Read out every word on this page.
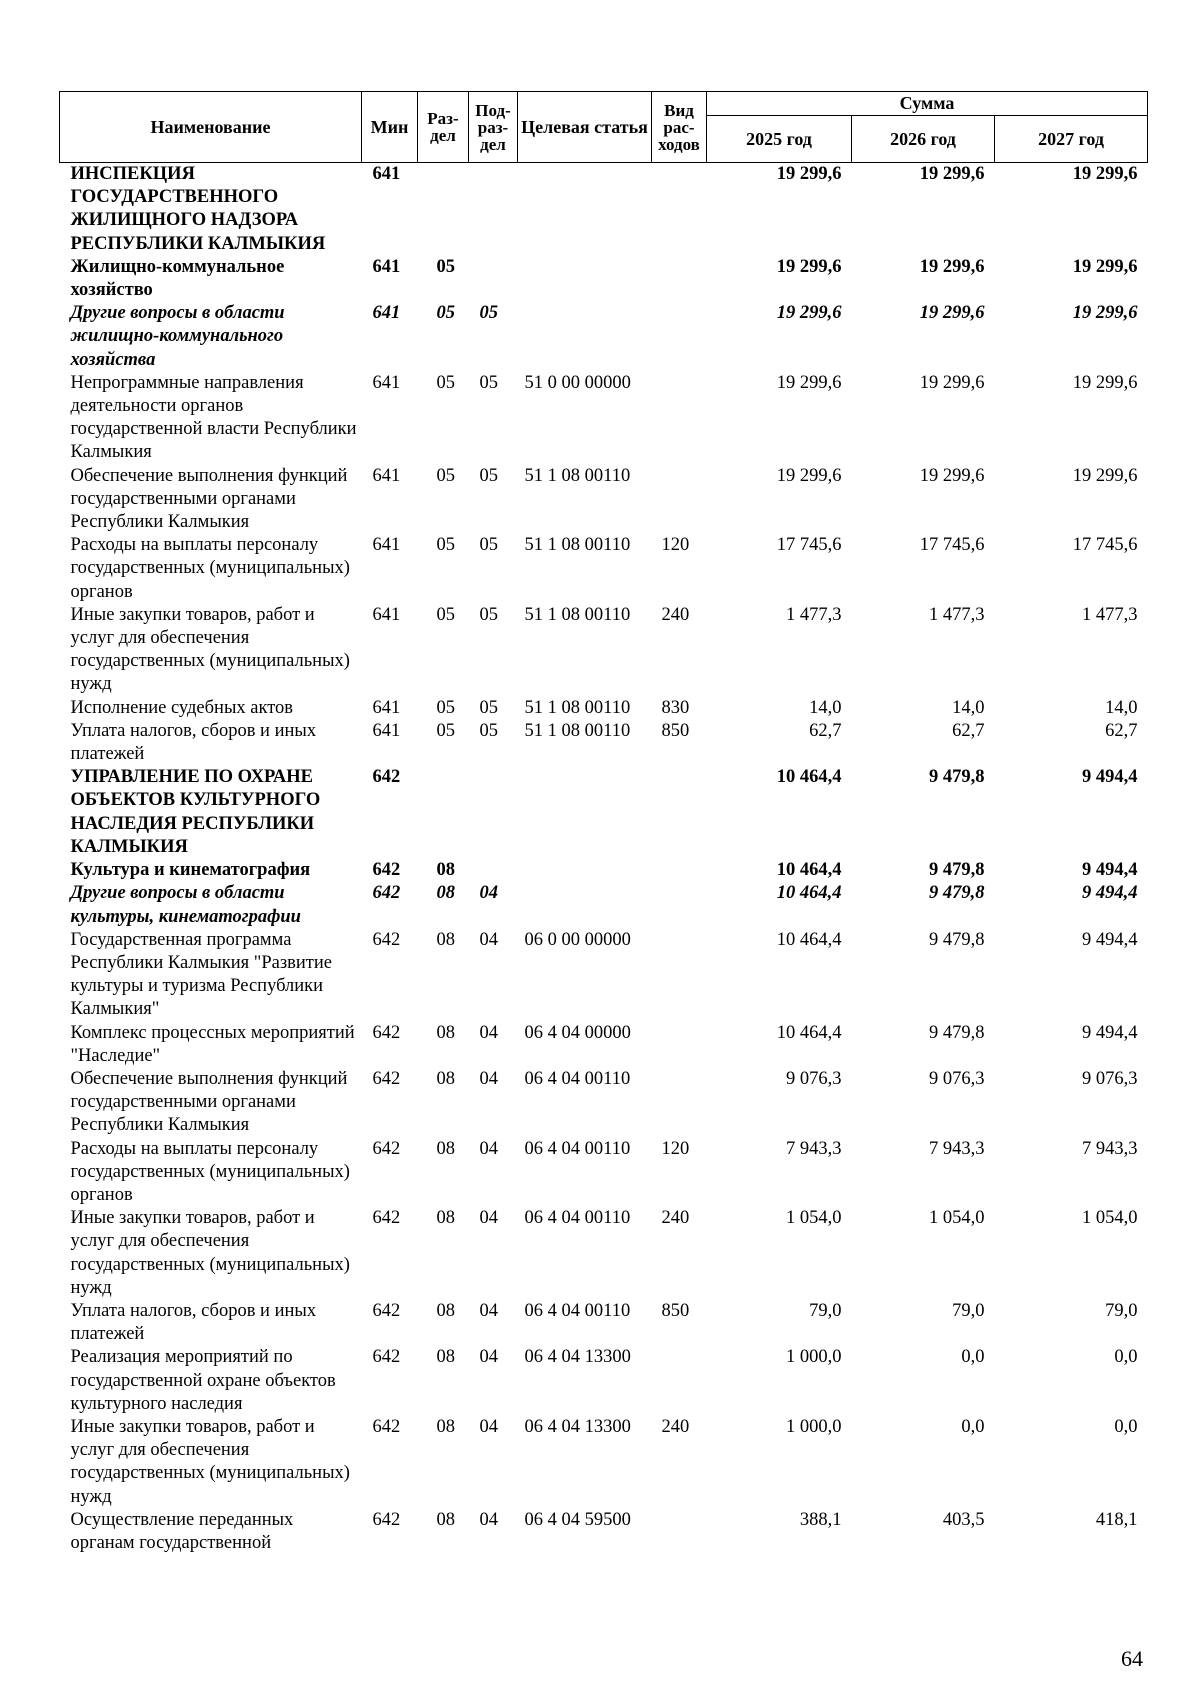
Наименование	Мин	Раз-дел	Под-раз-дел	Целевая статья	Вид рас-ходов	Сумма		
						2025 год	2026 год	2027 год
ИНСПЕКЦИЯ ГОСУДАРСТВЕННОГО ЖИЛИЩНОГО НАДЗОРА РЕСПУБЛИКИ КАЛМЫКИЯ	641					19 299,6	19 299,6	19 299,6
Жилищно-коммунальное хозяйство	641	05				19 299,6	19 299,6	19 299,6
Другие вопросы в области жилищно-коммунального хозяйства	641	05	05			19 299,6	19 299,6	19 299,6
Непрограммные направления деятельности органов государственной власти Республики Калмыкия	641	05	05	51 0 00 00000		19 299,6	19 299,6	19 299,6
Обеспечение выполнения функций государственными органами Республики Калмыкия	641	05	05	51 1 08 00110		19 299,6	19 299,6	19 299,6
Расходы на выплаты персоналу государственных (муниципальных) органов	641	05	05	51 1 08 00110	120	17 745,6	17 745,6	17 745,6
Иные закупки товаров, работ и услуг для обеспечения государственных (муниципальных) нужд	641	05	05	51 1 08 00110	240	1 477,3	1 477,3	1 477,3
Исполнение судебных актов	641	05	05	51 1 08 00110	830	14,0	14,0	14,0
Уплата налогов, сборов и иных платежей	641	05	05	51 1 08 00110	850	62,7	62,7	62,7
УПРАВЛЕНИЕ ПО ОХРАНЕ ОБЪЕКТОВ КУЛЬТУРНОГО НАСЛЕДИЯ РЕСПУБЛИКИ КАЛМЫКИЯ	642					10 464,4	9 479,8	9 494,4
Культура и кинематография	642	08				10 464,4	9 479,8	9 494,4
Другие вопросы в области культуры, кинематографии	642	08	04			10 464,4	9 479,8	9 494,4
Государственная программа Республики Калмыкия "Развитие культуры и туризма Республики Калмыкия"	642	08	04	06 0 00 00000		10 464,4	9 479,8	9 494,4
Комплекс процессных мероприятий "Наследие"	642	08	04	06 4 04 00000		10 464,4	9 479,8	9 494,4
Обеспечение выполнения функций государственными органами Республики Калмыкия	642	08	04	06 4 04 00110		9 076,3	9 076,3	9 076,3
Расходы на выплаты персоналу государственных (муниципальных) органов	642	08	04	06 4 04 00110	120	7 943,3	7 943,3	7 943,3
Иные закупки товаров, работ и услуг для обеспечения государственных (муниципальных) нужд	642	08	04	06 4 04 00110	240	1 054,0	1 054,0	1 054,0
Уплата налогов, сборов и иных платежей	642	08	04	06 4 04 00110	850	79,0	79,0	79,0
Реализация мероприятий по государственной охране объектов культурного наследия	642	08	04	06 4 04 13300		1 000,0	0,0	0,0
Иные закупки товаров, работ и услуг для обеспечения государственных (муниципальных) нужд	642	08	04	06 4 04 13300	240	1 000,0	0,0	0,0
Осуществление переданных органам государственной	642	08	04	06 4 04 59500		388,1	403,5	418,1
64
